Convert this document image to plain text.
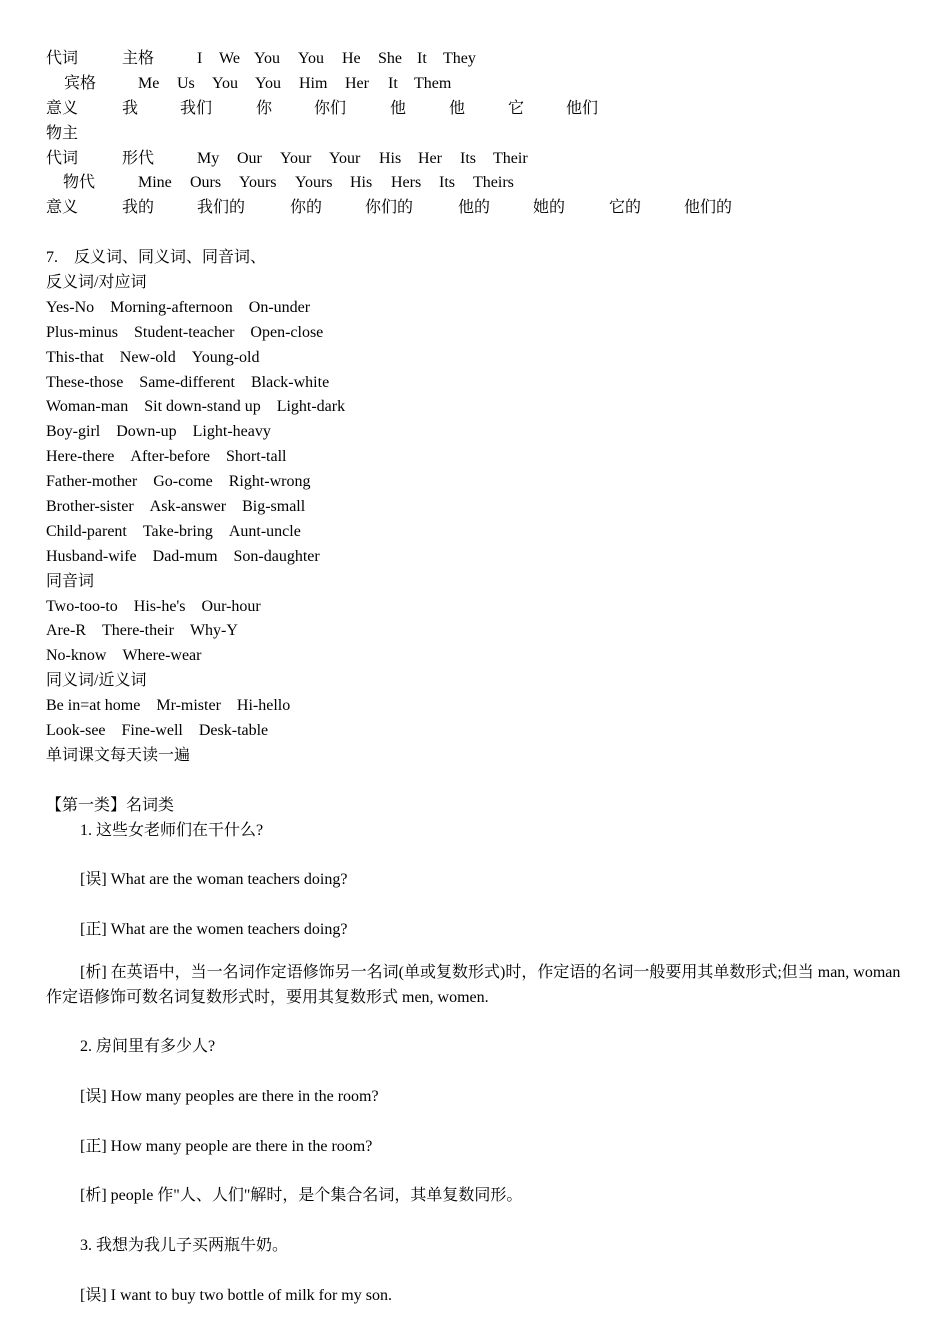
代词	主格	I We You You He She It They
宾格	Me Us You You Him Her It Them
意义	我	我们	你	你们	他	他	它	他们
物主
代词	形代	My Our Your Your His Her Its Their
物代	Mine Ours Yours Yours His Hers Its Theirs
意义	我的	我们的	你的	你们的	他的	她的	它的	他们的
7.　反义词、同义词、同音词、
反义词/对应词
Yes-No　Morning-afternoon　On-under
Plus-minus　Student-teacher　Open-close
This-that　New-old　Young-old
These-those　Same-different　Black-white
Woman-man　Sit down-stand up　Light-dark
Boy-girl　Down-up　Light-heavy
Here-there　After-before　Short-tall
Father-mother　Go-come　Right-wrong
Brother-sister　Ask-answer　Big-small
Child-parent　Take-bring　Aunt-uncle
Husband-wife　Dad-mum　Son-daughter
同音词
Two-too-to　His-he's　Our-hour
Are-R　There-their　Why-Y
No-know　Where-wear
同义词/近义词
Be in=at home　Mr-mister　Hi-hello
Look-see　Fine-well　Desk-table
单词课文每天读一遍
【第一类】名词类
1. 这些女老师们在干什么?
[误] What are the woman teachers doing?
[正] What are the women teachers doing?
[析] 在英语中，当一名词作定语修饰另一名词(单或复数形式)时，作定语的名词一般要用其单数形式;但当 man, woman 作定语修饰可数名词复数形式时，要用其复数形式 men, women.
2. 房间里有多少人?
[误] How many peoples are there in the room?
[正] How many people are there in the room?
[析] people 作"人、人们"解时，是个集合名词，其单复数同形。
3. 我想为我儿子买两瓶牛奶。
[误] I want to buy two bottle of milk for my son.
